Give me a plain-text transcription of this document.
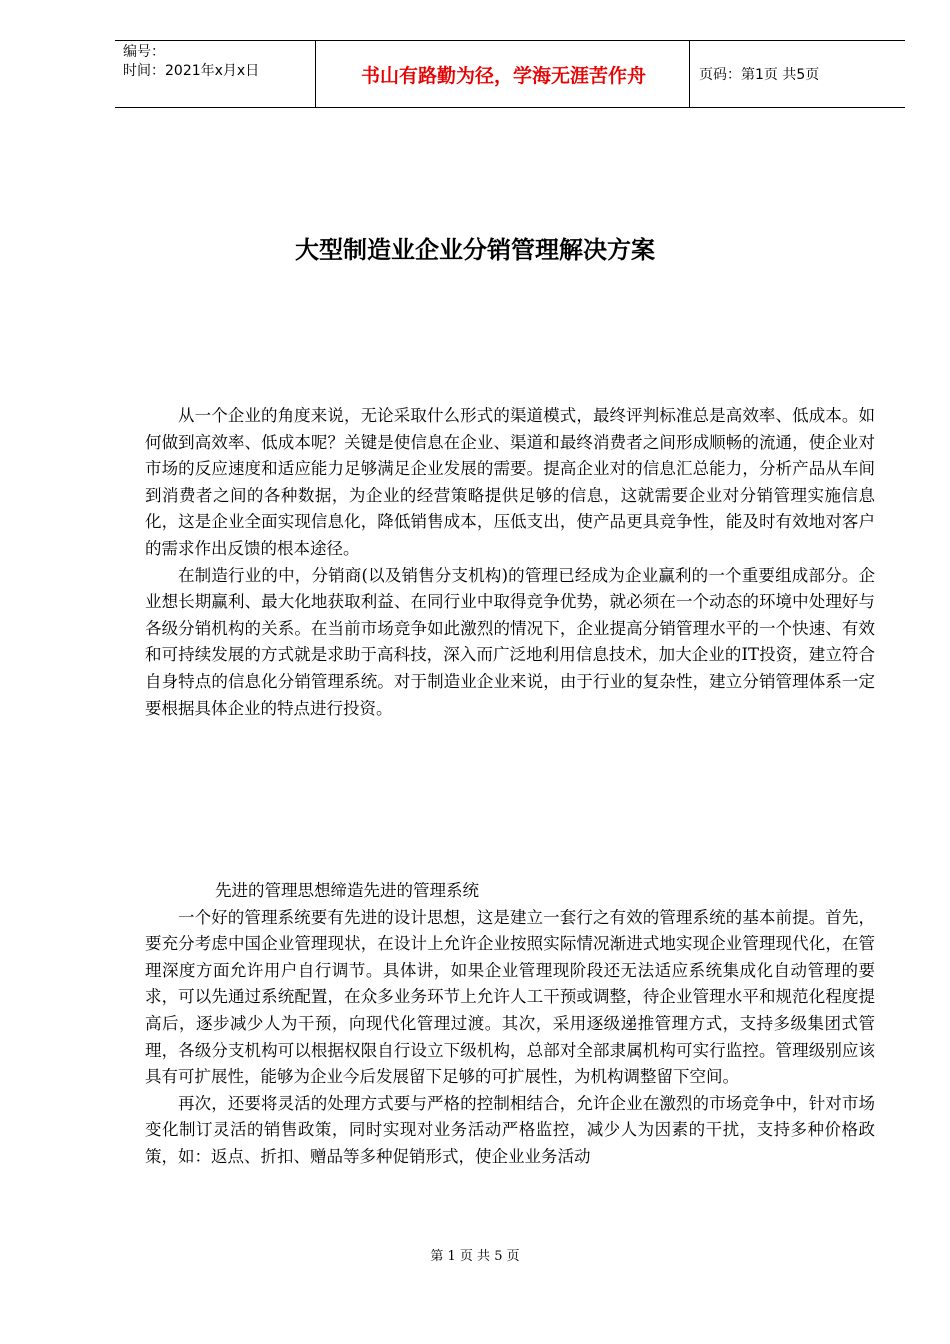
编号：
时间：2021年x月x日	书山有路勤为径，学海无涯苦作舟	页码：第1页 共5页
大型制造业企业分销管理解决方案

从一个企业的角度来说，无论采取什么形式的渠道模式，最终评判标准总是高效率、低成本。如何做到高效率、低成本呢？关键是使信息在企业、渠道和最终消费者之间形成顺畅的流通，使企业对市场的反应速度和适应能力足够满足企业发展的需要。提高企业对的信息汇总能力，分析产品从车间到消费者之间的各种数据，为企业的经营策略提供足够的信息，这就需要企业对分销管理实施信息化，这是企业全面实现信息化，降低销售成本，压低支出，使产品更具竞争性，能及时有效地对客户的需求作出反馈的根本途径。

在制造行业的中，分销商(以及销售分支机构)的管理已经成为企业赢利的一个重要组成部分。企业想长期赢利、最大化地获取利益、在同行业中取得竞争优势，就必须在一个动态的环境中处理好与各级分销机构的关系。在当前市场竞争如此激烈的情况下，企业提高分销管理水平的一个快速、有效和可持续发展的方式就是求助于高科技，深入而广泛地利用信息技术，加大企业的IT投资，建立符合自身特点的信息化分销管理系统。对于制造业企业来说，由于行业的复杂性，建立分销管理体系一定要根据具体企业的特点进行投资。

先进的管理思想缔造先进的管理系统

一个好的管理系统要有先进的设计思想，这是建立一套行之有效的管理系统的基本前提。首先，要充分考虑中国企业管理现状，在设计上允许企业按照实际情况渐进式地实现企业管理现代化，在管理深度方面允许用户自行调节。具体讲，如果企业管理现阶段还无法适应系统集成化自动管理的要求，可以先通过系统配置，在众多业务环节上允许人工干预或调整，待企业管理水平和规范化程度提高后，逐步减少人为干预，向现代化管理过渡。其次，采用逐级递推管理方式，支持多级集团式管理，各级分支机构可以根据权限自行设立下级机构，总部对全部隶属机构可实行监控。管理级别应该具有可扩展性，能够为企业今后发展留下足够的可扩展性，为机构调整留下空间。

再次，还要将灵活的处理方式要与严格的控制相结合，允许企业在激烈的市场竞争中，针对市场变化制订灵活的销售政策，同时实现对业务活动严格监控，减少人为因素的干扰，支持多种价格政策，如：返点、折扣、赠品等多种促销形式，使企业业务活动

第 1 页 共 5 页
